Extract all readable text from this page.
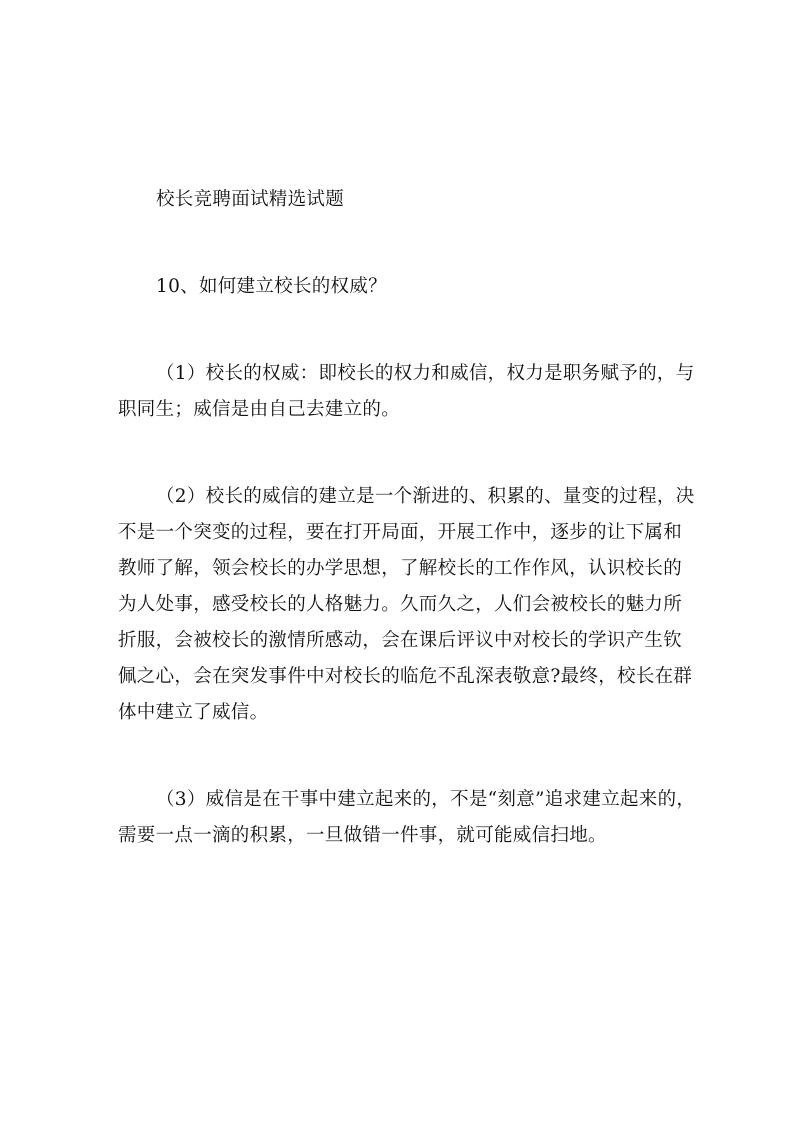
校长竞聘面试精选试题
10、如何建立校长的权威？
（1）校长的权威：即校长的权力和威信，权力是职务赋予的，与
职同生；威信是由自己去建立的。
（2）校长的威信的建立是一个渐进的、积累的、量变的过程，决
不是一个突变的过程，要在打开局面，开展工作中，逐步的让下属和
教师了解，领会校长的办学思想，了解校长的工作作风，认识校长的
为人处事，感受校长的人格魅力。久而久之，人们会被校长的魅力所
折服，会被校长的激情所感动，会在课后评议中对校长的学识产生钦
佩之心，会在突发事件中对校长的临危不乱深表敬意?最终，校长在群
体中建立了威信。
（3）威信是在干事中建立起来的，不是“刻意”追求建立起来的，
需要一点一滴的积累，一旦做错一件事，就可能威信扫地。
